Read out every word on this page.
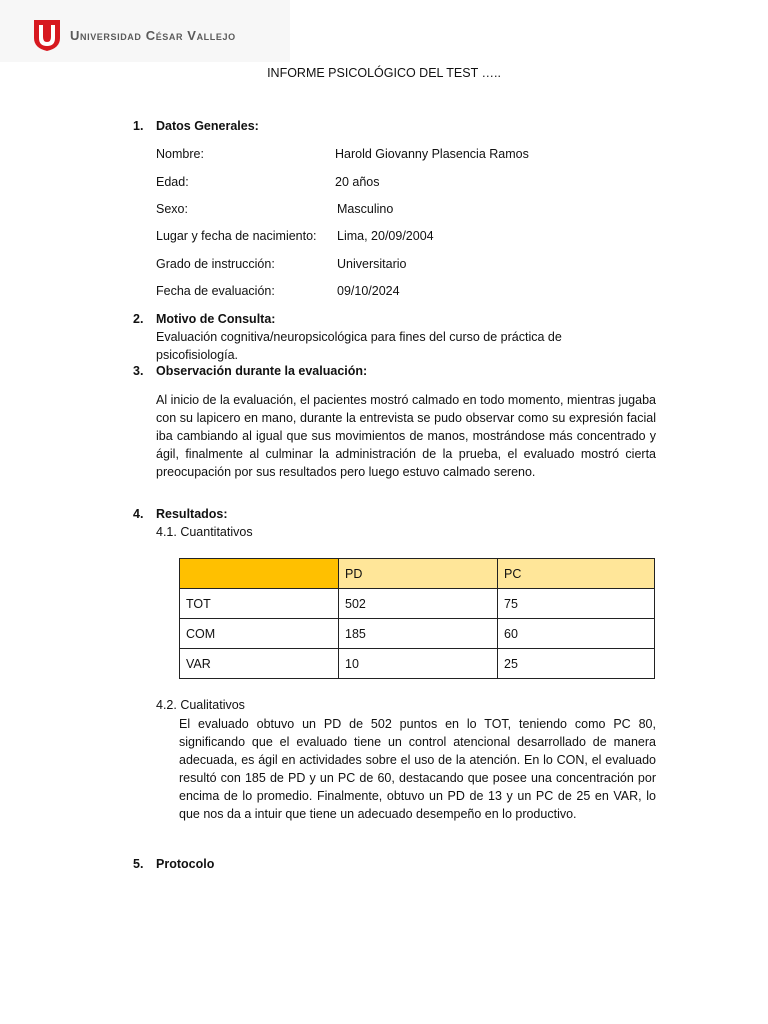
Universidad César Vallejo
INFORME PSICOLÓGICO DEL TEST …..
1.	Datos Generales:
Nombre:	Harold Giovanny Plasencia Ramos
Edad:	20 años
Sexo:	Masculino
Lugar y fecha de nacimiento: Lima, 20/09/2004
Grado de instrucción:	Universitario
Fecha de evaluación:	09/10/2024
2.	Motivo de Consulta:
Evaluación cognitiva/neuropsicológica para fines del curso de práctica de psicofisiología.
3.	Observación durante la evaluación:
Al inicio de la evaluación, el pacientes mostró calmado en todo momento, mientras jugaba con su lapicero en mano, durante la entrevista se pudo observar como su expresión facial iba cambiando al igual que sus movimientos de manos, mostrándose más concentrado y ágil, finalmente al culminar la administración de la prueba, el evaluado mostró cierta preocupación por sus resultados pero luego estuvo calmado sereno.
4.	Resultados:
4.1. Cuantitativos
	PD	PC
TOT	502	75
COM	185	60
VAR	10	25
4.2. Cualitativos
El evaluado obtuvo un PD de 502 puntos en lo TOT, teniendo como PC 80, significando que el evaluado tiene un control atencional desarrollado de manera adecuada, es ágil en actividades sobre el uso de la atención. En lo CON, el evaluado resultó con 185 de PD y un PC de 60, destacando que posee una concentración por encima de lo promedio. Finalmente, obtuvo un PD de 13 y un PC de 25 en VAR, lo que nos da a intuir que tiene un adecuado desempeño en lo productivo.
5.	Protocolo
